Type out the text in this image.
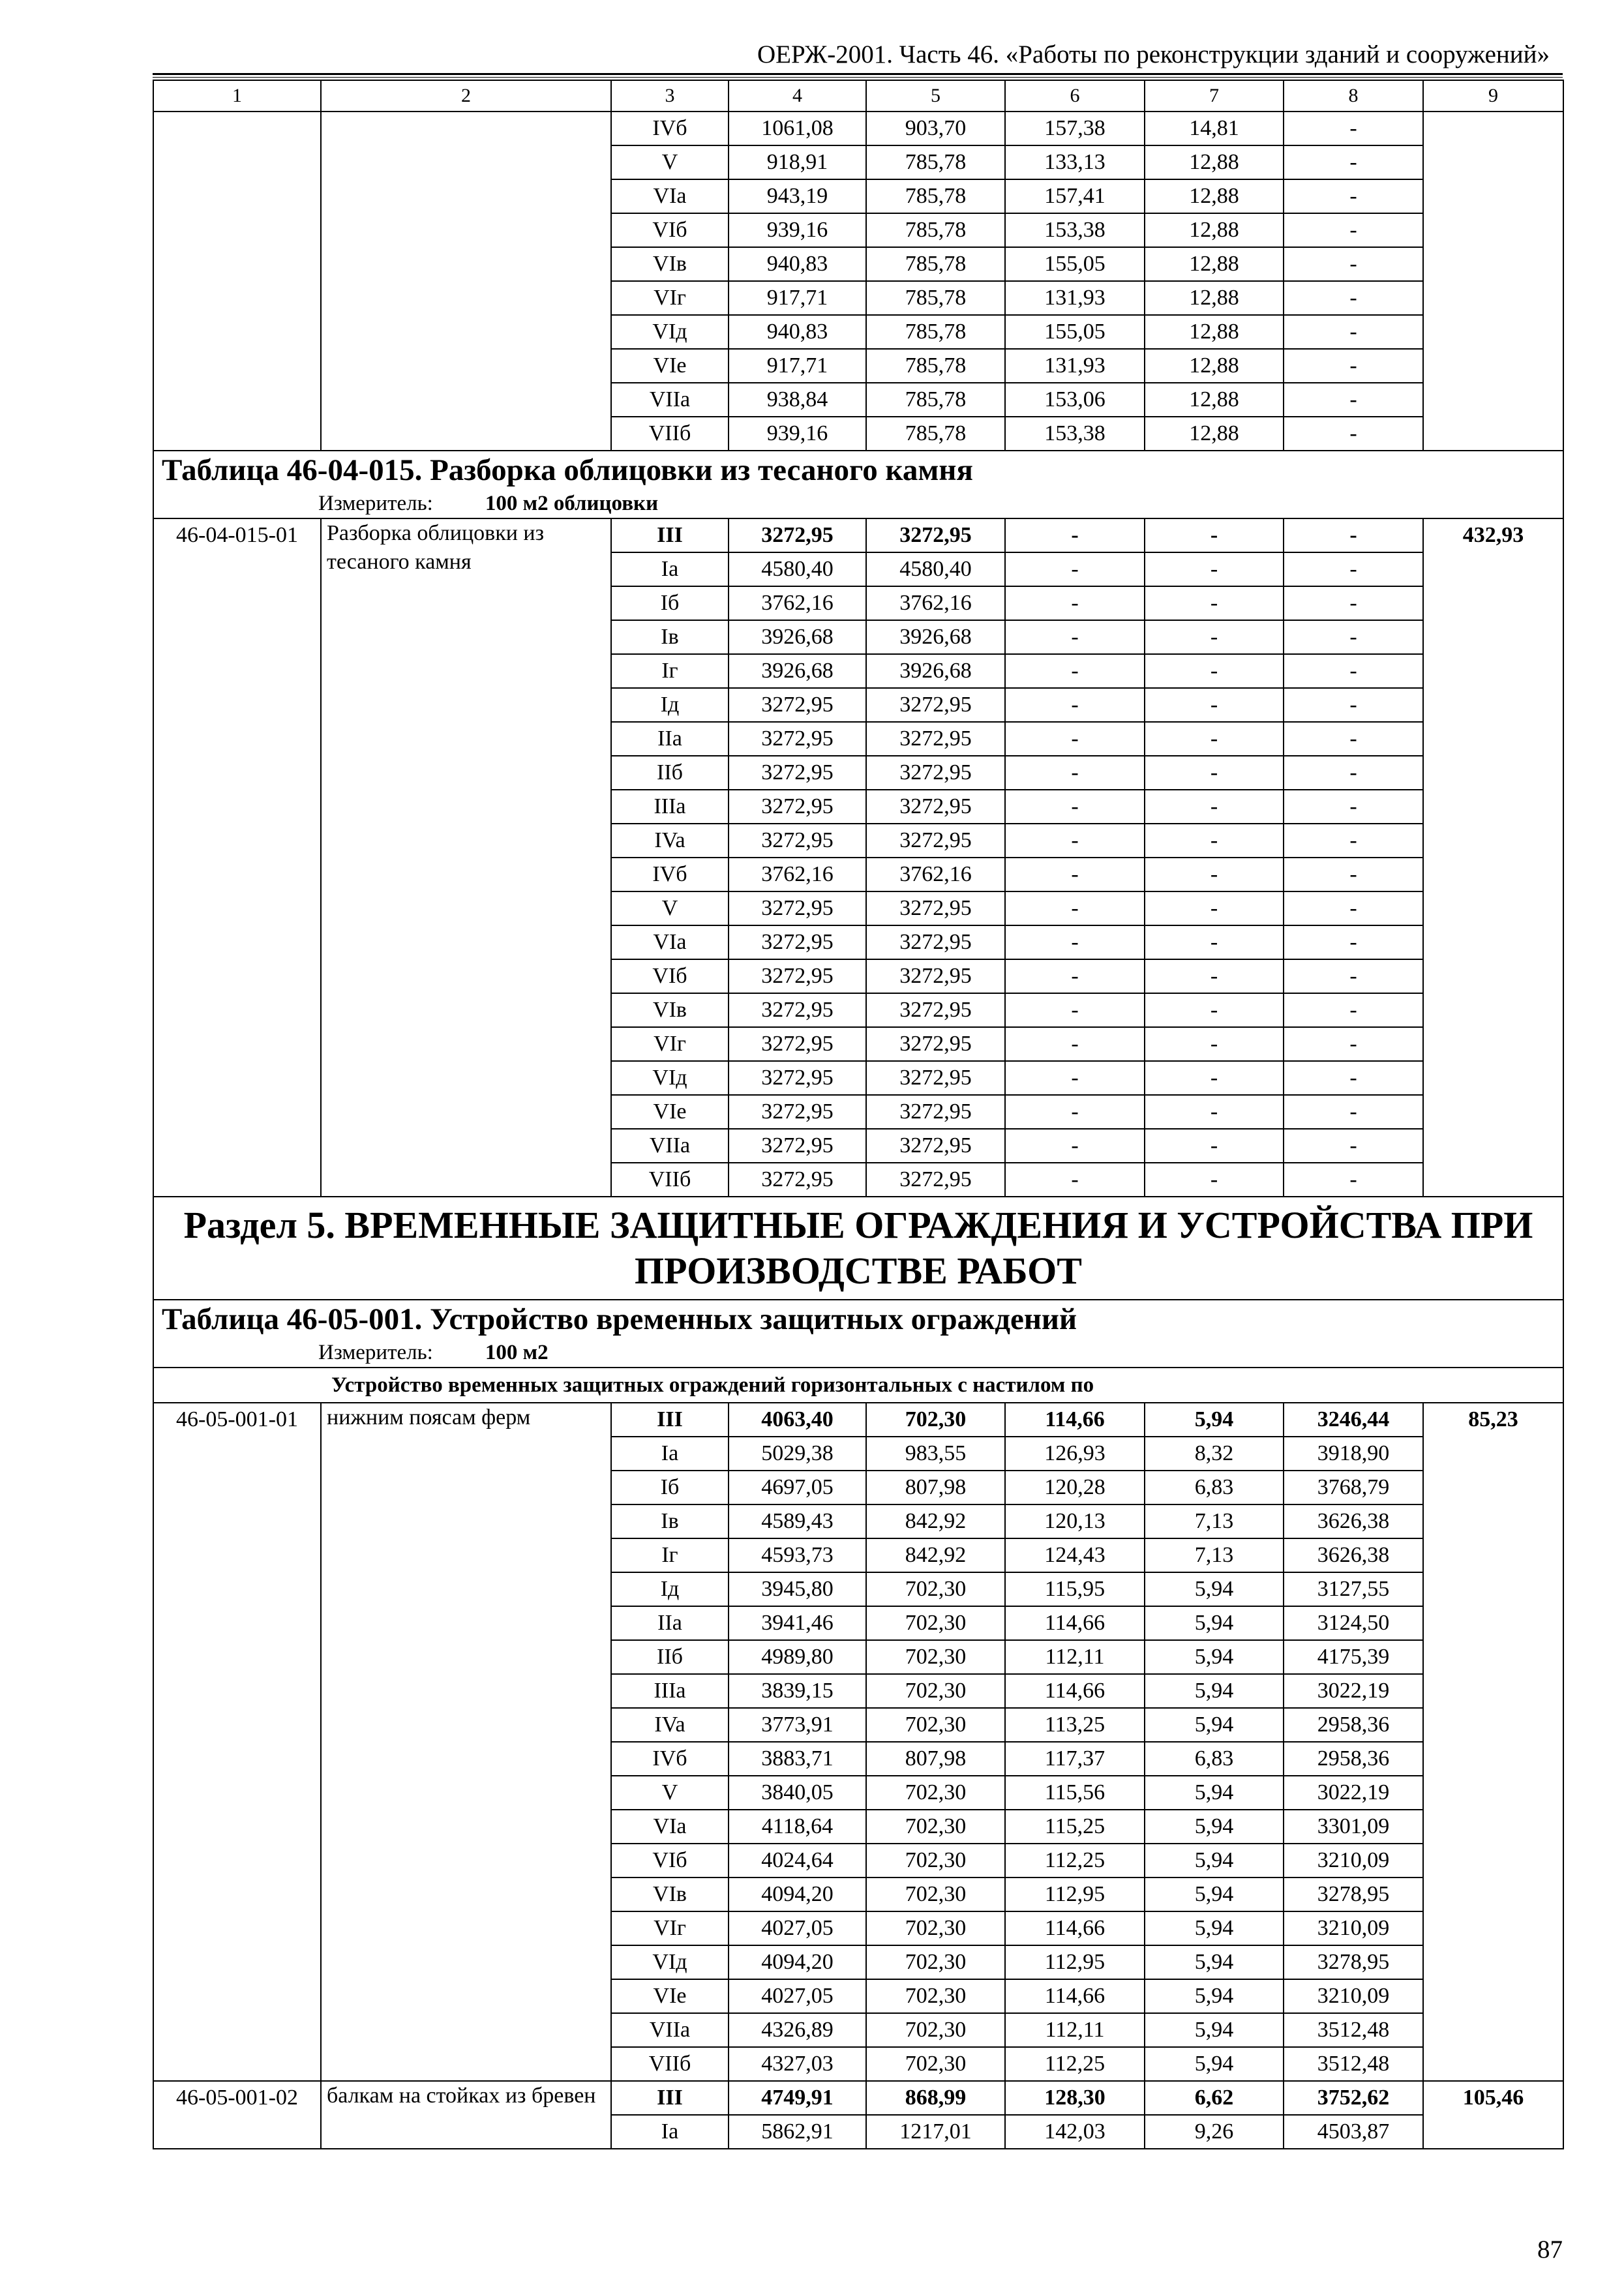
ОЕРЖ-2001. Часть 46. «Работы по реконструкции зданий и сооружений»
1	2	3	4	5	6	7	8	9
		IVб	1061,08	903,70	157,38	14,81	-	
		V	918,91	785,78	133,13	12,88	-	
		VIa	943,19	785,78	157,41	12,88	-	
		VIб	939,16	785,78	153,38	12,88	-	
		VIв	940,83	785,78	155,05	12,88	-	
		VIг	917,71	785,78	131,93	12,88	-	
		VIд	940,83	785,78	155,05	12,88	-	
		VIe	917,71	785,78	131,93	12,88	-	
		VIIa	938,84	785,78	153,06	12,88	-	
		VIIб	939,16	785,78	153,38	12,88	-	

Таблица 46-04-015. Разборка облицовки из тесаного камня
Измеритель: 100 м2 облицовки								

46-04-015-01	Разборка облицовки из тесаного камня	III	3272,95	3272,95	-	-	-	432,93
		Ia	4580,40	4580,40	-	-	-	
		Iб	3762,16	3762,16	-	-	-	
		Iв	3926,68	3926,68	-	-	-	
		Iг	3926,68	3926,68	-	-	-	
		Iд	3272,95	3272,95	-	-	-	
		IIa	3272,95	3272,95	-	-	-	
		IIб	3272,95	3272,95	-	-	-	
		IIIa	3272,95	3272,95	-	-	-	
		IVa	3272,95	3272,95	-	-	-	
		IVб	3762,16	3762,16	-	-	-	
		V	3272,95	3272,95	-	-	-	
		VIa	3272,95	3272,95	-	-	-	
		VIб	3272,95	3272,95	-	-	-	
		VIв	3272,95	3272,95	-	-	-	
		VIг	3272,95	3272,95	-	-	-	
		VIд	3272,95	3272,95	-	-	-	
		VIe	3272,95	3272,95	-	-	-	
		VIIa	3272,95	3272,95	-	-	-	
		VIIб	3272,95	3272,95	-	-	-	
Раздел 5. ВРЕМЕННЫЕ ЗАЩИТНЫЕ ОГРАЖДЕНИЯ И УСТРОЙСТВА ПРИ ПРОИЗВОДСТВЕ РАБОТ								

Таблица 46-05-001. Устройство временных защитных ограждений
Измеритель: 100 м2								

Устройство временных защитных ограждений горизонтальных с настилом по								
46-05-001-01	нижним поясам ферм	III	4063,40	702,30	114,66	5,94	3246,44	85,23
		Ia	5029,38	983,55	126,93	8,32	3918,90	
		Iб	4697,05	807,98	120,28	6,83	3768,79	
		Iв	4589,43	842,92	120,13	7,13	3626,38	
		Iг	4593,73	842,92	124,43	7,13	3626,38	
		Iд	3945,80	702,30	115,95	5,94	3127,55	
		IIa	3941,46	702,30	114,66	5,94	3124,50	
		IIб	4989,80	702,30	112,11	5,94	4175,39	
		IIIa	3839,15	702,30	114,66	5,94	3022,19	
		IVa	3773,91	702,30	113,25	5,94	2958,36	
		IVб	3883,71	807,98	117,37	6,83	2958,36	
		V	3840,05	702,30	115,56	5,94	3022,19	
		VIa	4118,64	702,30	115,25	5,94	3301,09	
		VIб	4024,64	702,30	112,25	5,94	3210,09	
		VIв	4094,20	702,30	112,95	5,94	3278,95	
		VIг	4027,05	702,30	114,66	5,94	3210,09	
		VIд	4094,20	702,30	112,95	5,94	3278,95	
		VIe	4027,05	702,30	114,66	5,94	3210,09	
		VIIa	4326,89	702,30	112,11	5,94	3512,48	
		VIIб	4327,03	702,30	112,25	5,94	3512,48	
46-05-001-02	балкам на стойках из бревен	III	4749,91	868,99	128,30	6,62	3752,62	105,46
		Ia	5862,91	1217,01	142,03	9,26	4503,87	
87
